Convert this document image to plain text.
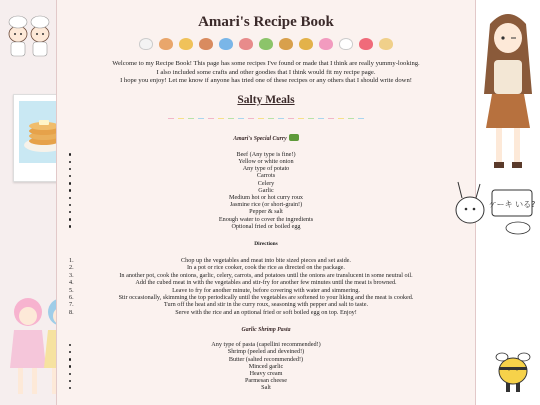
Amari's Recipe Book
Welcome to my Recipe Book! This page has some recipes I've found or made that I think are really yummy-looking.
I also included some crafts and other goodies that I think would fit my recipe page.
I hope you enjoy! Let me know if anyone has tried one of these recipes or any others that I should write down!
Salty Meals
Amari's Special Curry
Beef (Any type is fine!)
Yellow or white onion
Any type of potato
Carrots
Celery
Garlic
Medium hot or hot curry roux
Jasmine rice (or short-grain!)
Pepper & salt
Enough water to cover the ingredients
Optional fried or boiled egg
Directions
1.	Chop up the vegetables and meat into bite sized pieces and set aside.
2.	In a pot or rice cooker, cook the rice as directed on the package.
3.	In another pot, cook the onions, garlic, celery, carrots, and potatoes until the onions are translucent in some neutral oil.
4.	Add the cubed meat in with the vegetables and stir-fry for another few minutes until the meat is browned.
5.	Leave to fry for another minute, before covering with water and simmering.
6.	Stir occasionally, skimming the top periodically until the vegetables are softened to your liking and the meat is cooked.
7.	Turn off the heat and stir in the curry roux, seasoning with pepper and salt to taste.
8.	Serve with the rice and an optional fried or soft boiled egg on top. Enjoy!
Garlic Shrimp Pasta
Any type of pasta (capellini recommended!)
Shrimp (peeled and deveined!)
Butter (salted recommended!)
Minced garlic
Heavy cream
Parmesan cheese
Salt
ケーキ いる?
